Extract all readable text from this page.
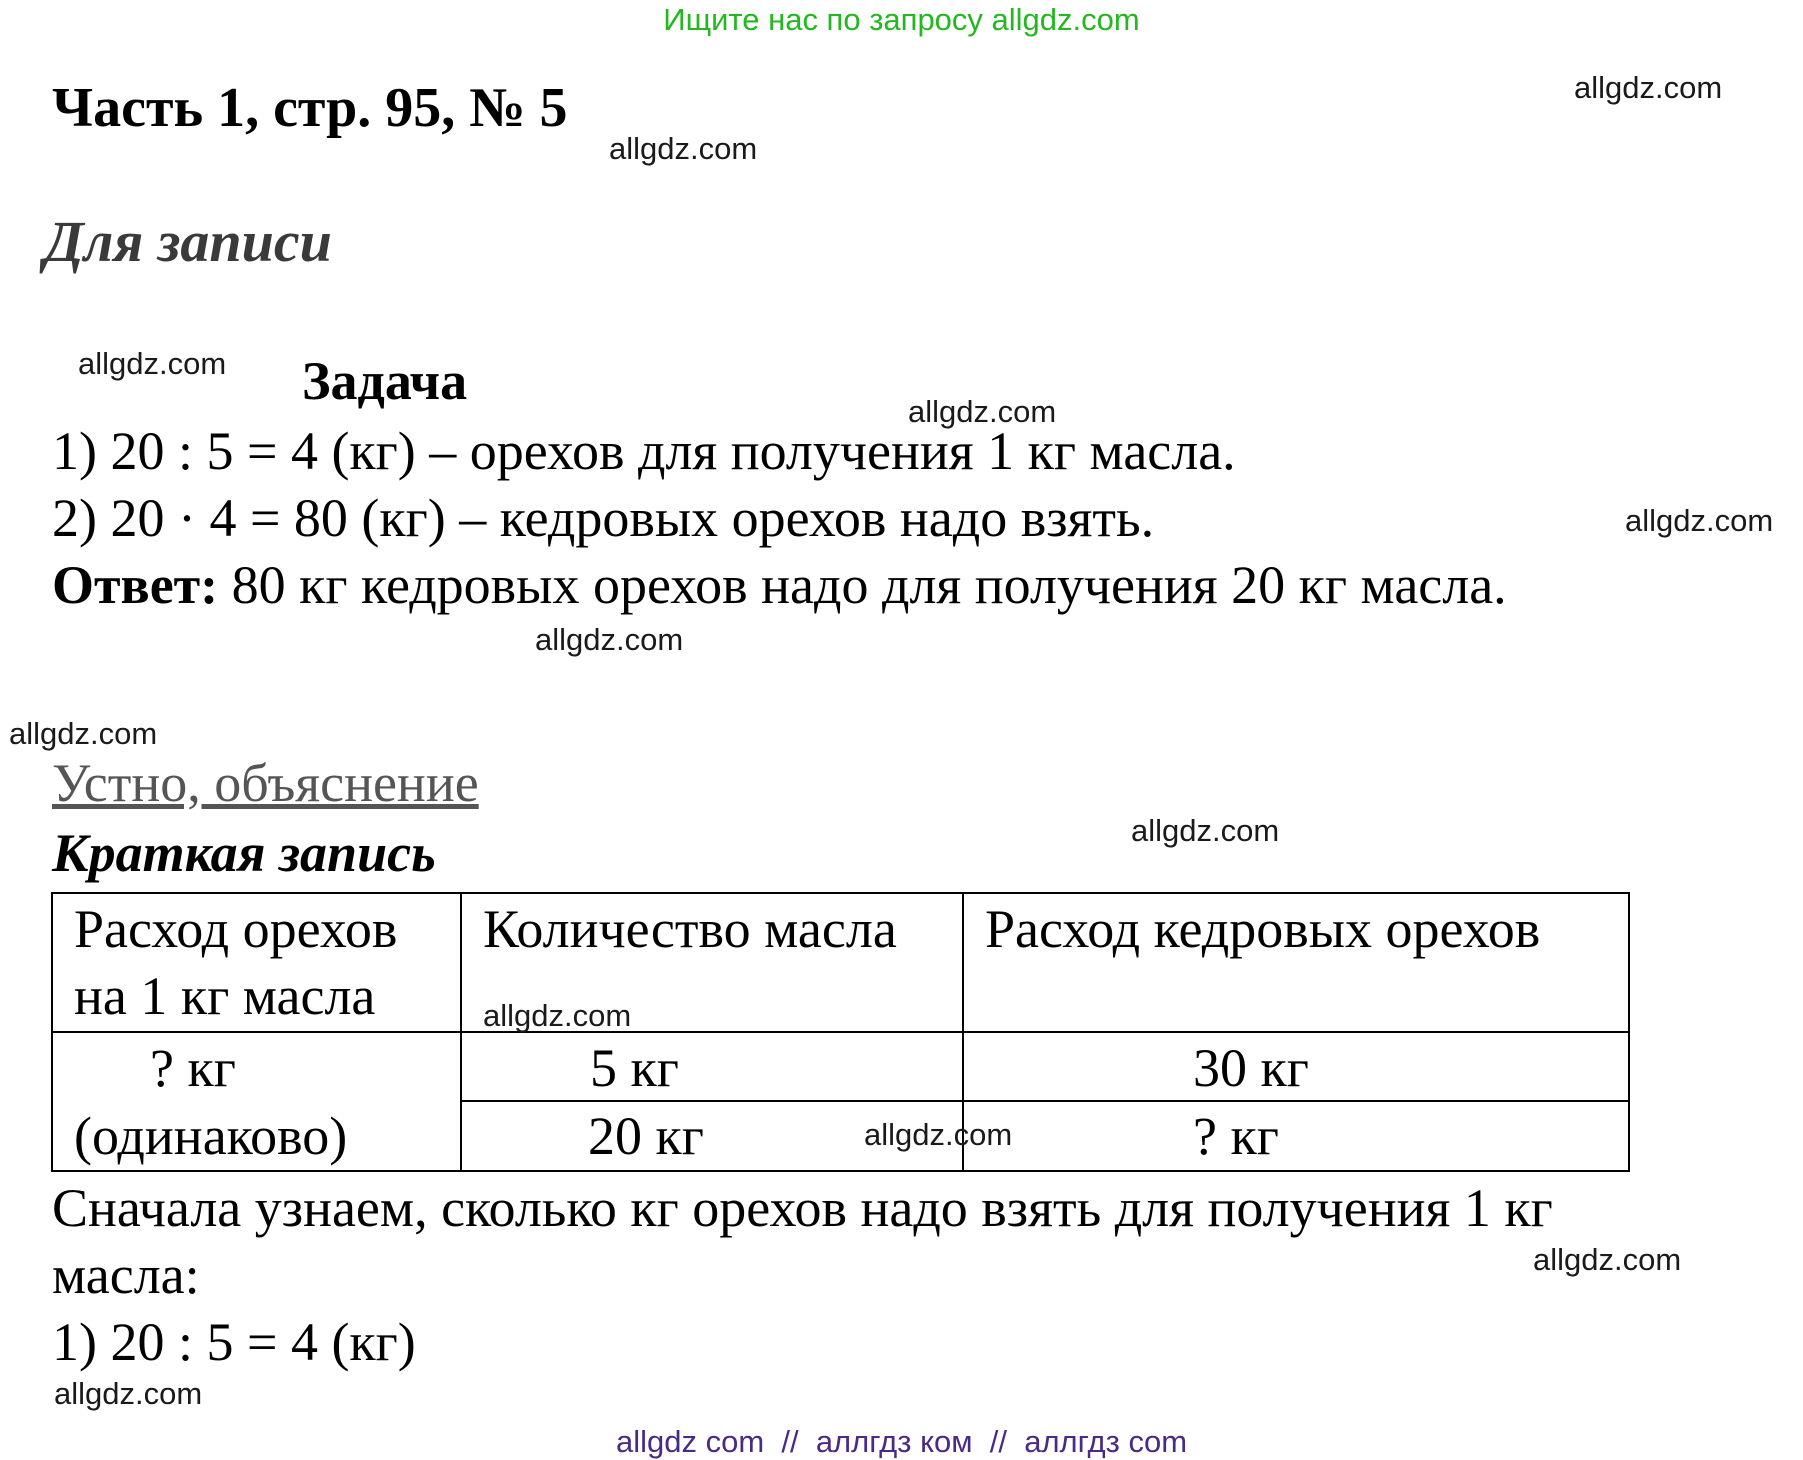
Ищите нас по запросу allgdz.com
Часть 1, стр. 95, № 5
Для записи
Задача
1) 20 : 5 = 4 (кг) – орехов для получения 1 кг масла.
2) 20 · 4 = 80 (кг) – кедровых орехов надо взять.
Ответ: 80 кг кедровых орехов надо для получения 20 кг масла.
Устно, объяснение
Краткая запись
Расход орехов
на 1 кг масла
Количество масла Расход кедровых орехов
? кг
(одинаково)
5 кг	30 кг
20 кг	? кг
Сначала узнаем, сколько кг орехов надо взять для получения 1 кг
масла:
1) 20 : 5 = 4 (кг)
allgdz.com
allgdz.com
allgdz.com
allgdz.com
allgdz.com
allgdz.com
allgdz.com
allgdz.com
allgdz.com
allgdz.com
allgdz.com
allgdz.com
allgdz com  //  аллгдз ком  //  аллгдз com
